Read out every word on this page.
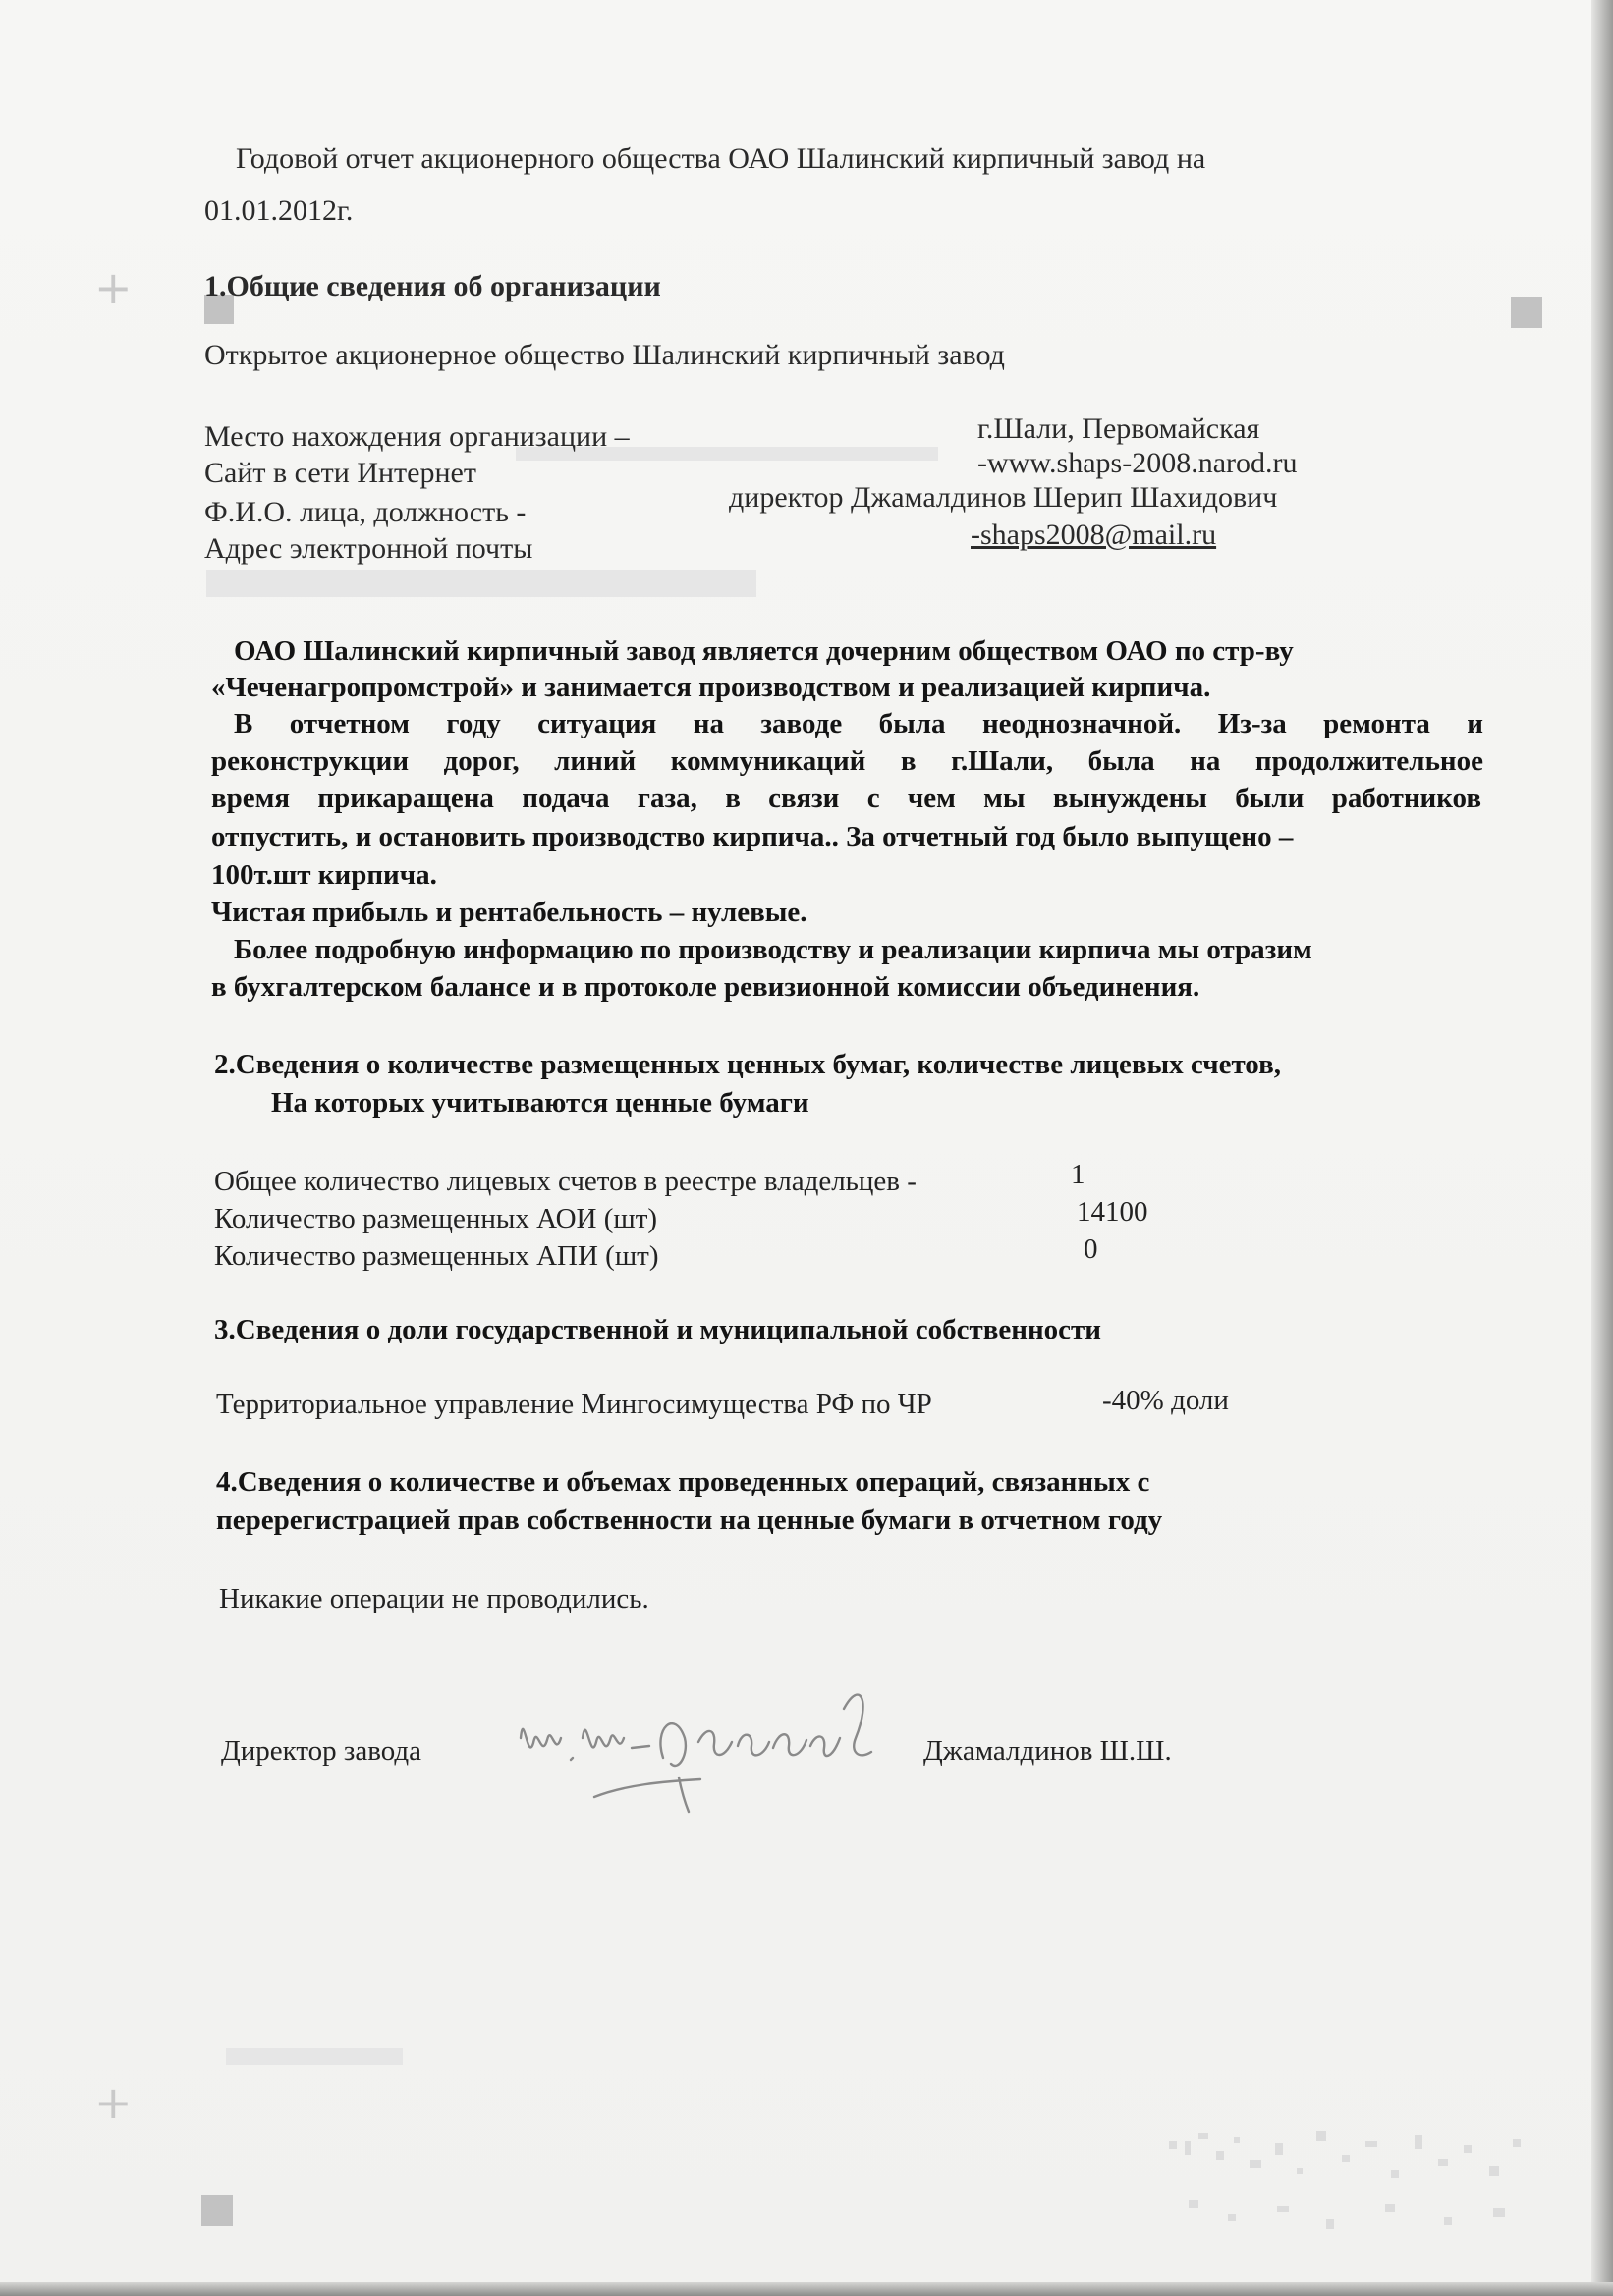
+
+
Годовой отчет акционерного общества ОАО Шалинский кирпичный завод на
01.01.2012г.
1.Общие сведения об организации
Открытое акционерное общество Шалинский кирпичный завод
Место нахождения организации –	г.Шали, Первомайская
Сайт в сети Интернет	-www.shaps-2008.narod.ru
Ф.И.О. лица, должность -	директор Джамалдинов Шерип Шахидович
Адрес электронной почты	-shaps2008@mail.ru
ОАО Шалинский кирпичный завод является дочерним обществом ОАО по стр-ву
«Чеченагропромстрой» и занимается производством и реализацией кирпича.
В отчетном году ситуация на заводе была неоднозначной. Из-за ремонта и
реконструкции дорог, линий коммуникаций в г.Шали, была на продолжительное
время прикаращена подача газа, в связи с чем мы вынуждены были работников
отпустить, и остановить производство кирпича.. За отчетный год было выпущено –
100т.шт кирпича.
Чистая прибыль и рентабельность – нулевые.
Более подробную информацию по производству и реализации кирпича мы отразим
в бухгалтерском балансе и в протоколе ревизионной комиссии объединения.
2.Сведения о количестве размещенных ценных бумаг, количестве лицевых счетов,
На которых учитываются ценные бумаги
Общее количество лицевых счетов в реестре владельцев -	1
Количество размещенных АОИ (шт)	14100
Количество размещенных АПИ (шт)	0
3.Сведения о доли государственной и муниципальной собственности
Территориальное управление Мингосимущества РФ по ЧР	-40% доли
4.Сведения о количестве и объемах проведенных операций, связанных с
перерегистрацией прав собственности на ценные бумаги в отчетном году
Никакие операции не проводились.
Директор завода	Джамалдинов Ш.Ш.
